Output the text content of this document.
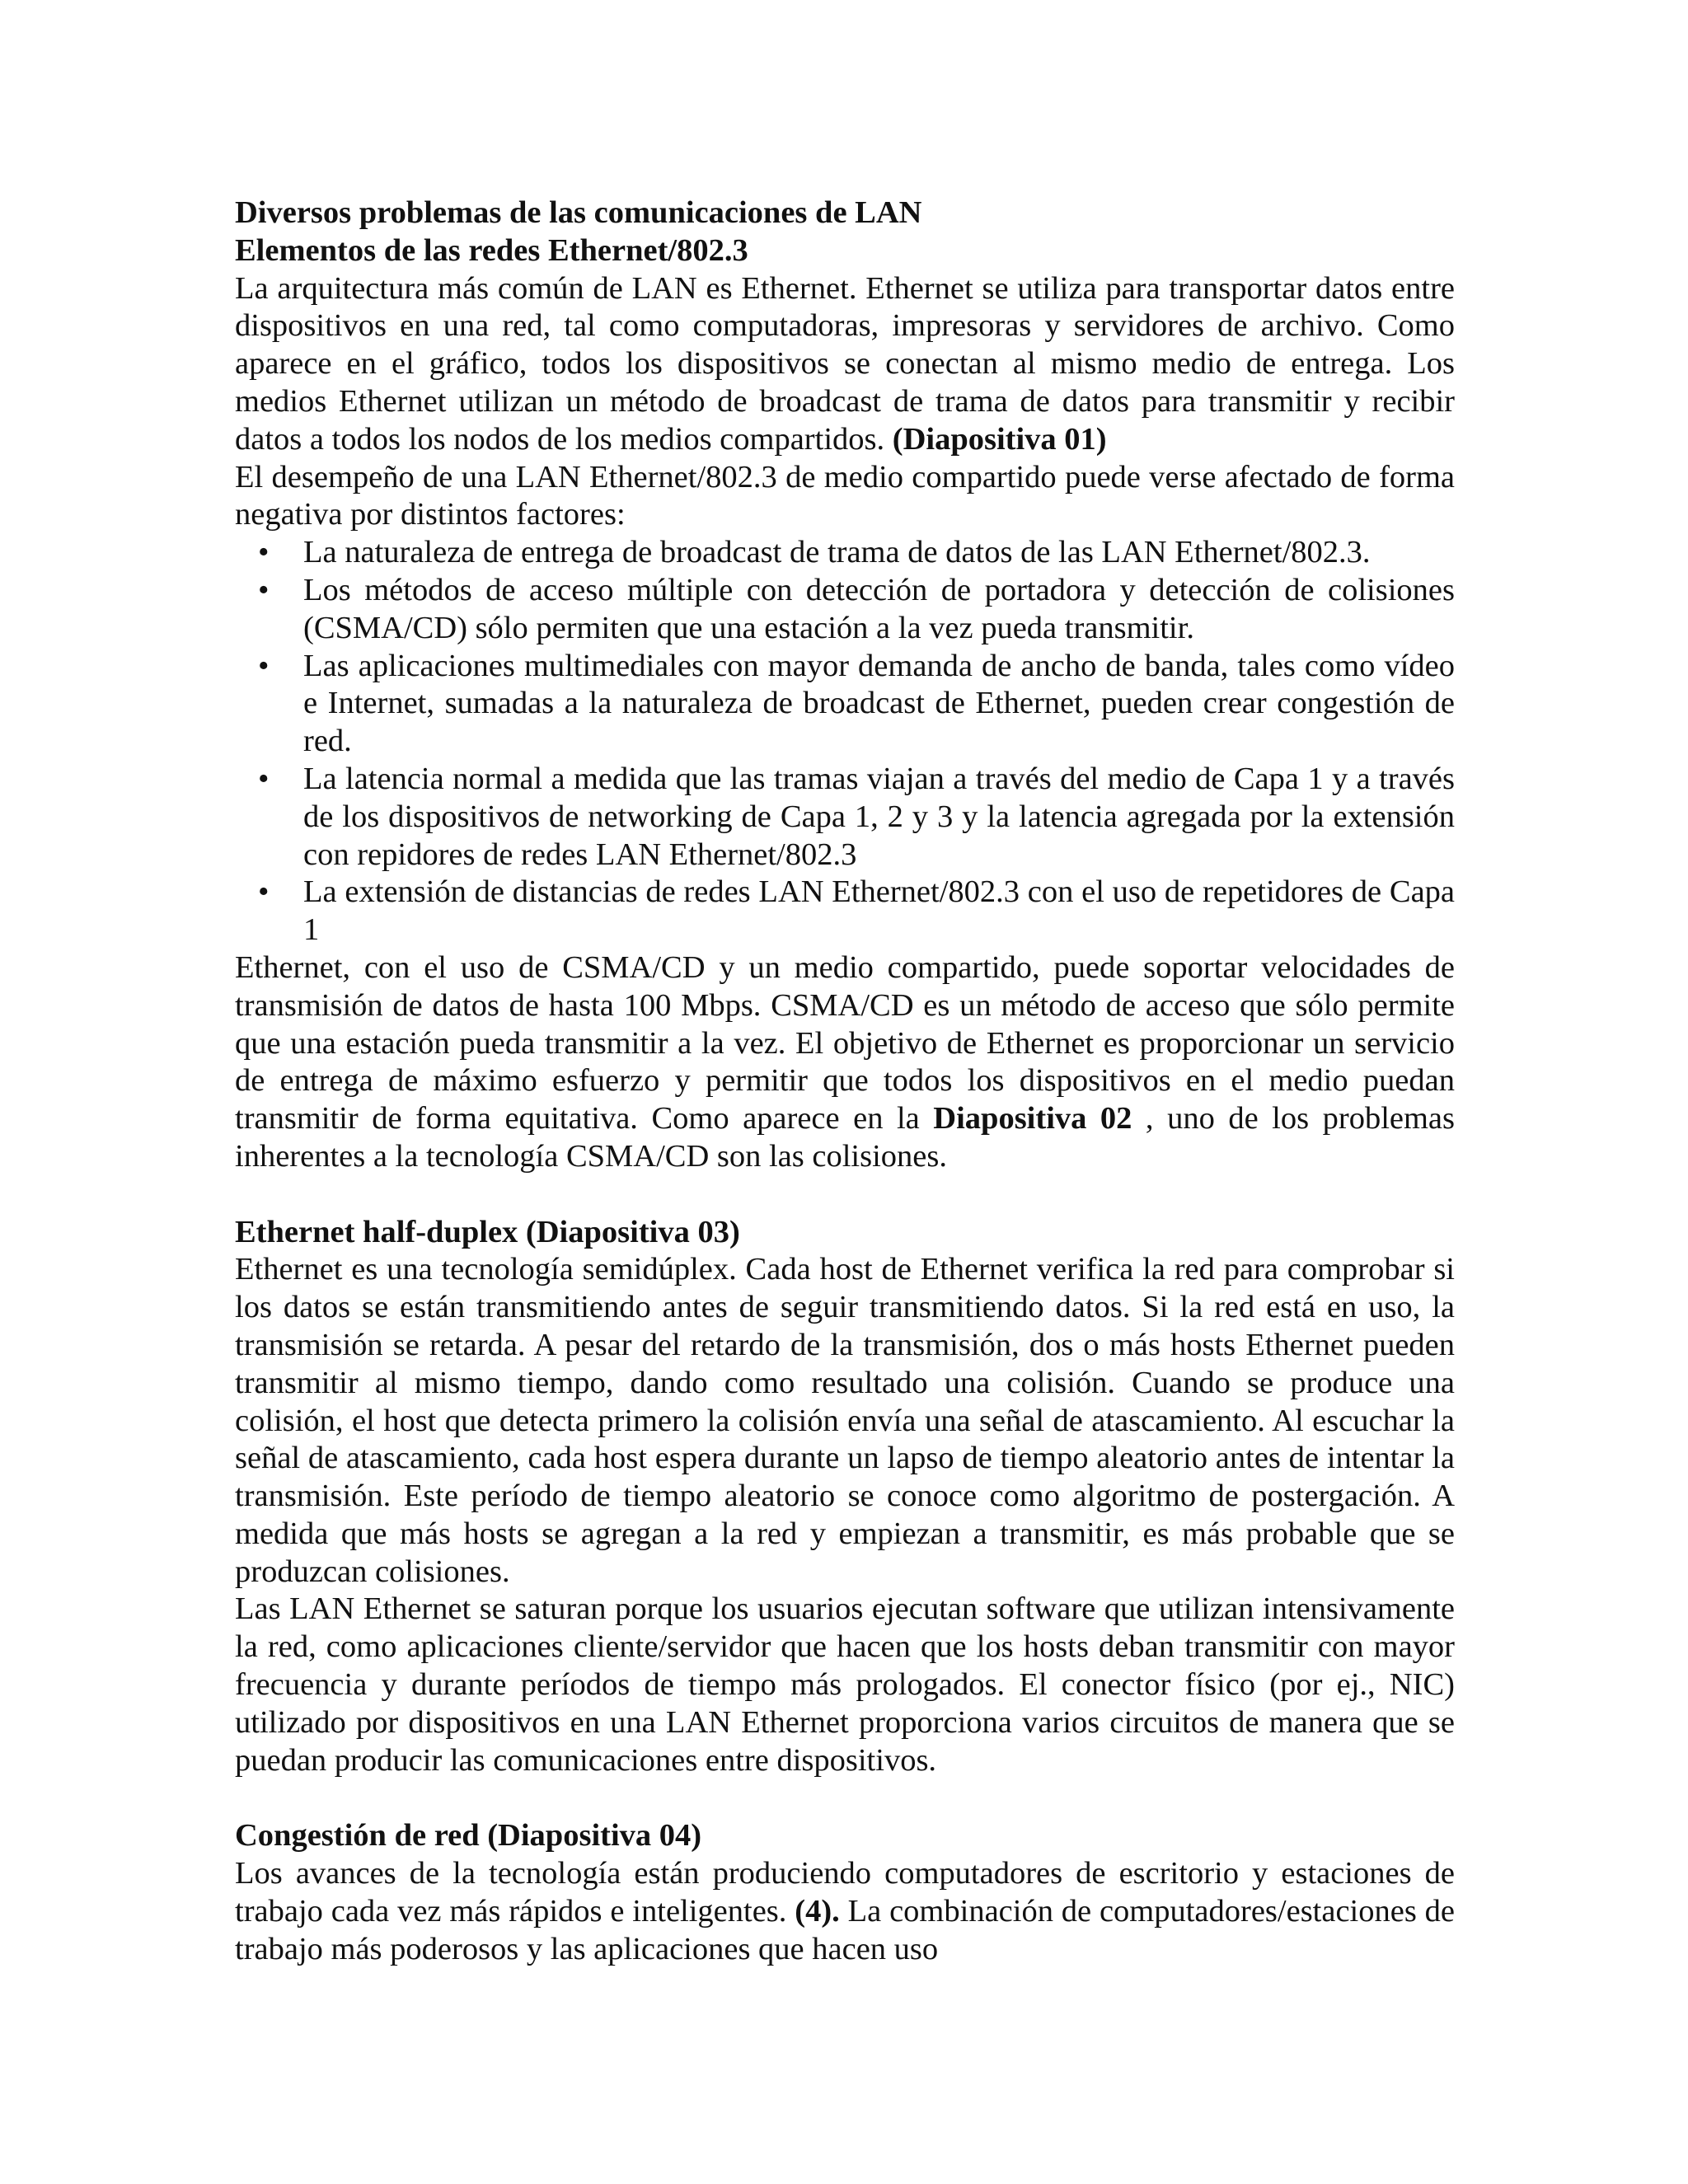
Diversos problemas de las comunicaciones de LAN

Elementos de las redes Ethernet/802.3

La arquitectura más común de LAN es Ethernet. Ethernet se utiliza para transportar datos entre dispositivos en una red, tal como computadoras, impresoras y servidores de archivo. Como aparece en el gráfico, todos los dispositivos se conectan al mismo medio de entrega. Los medios Ethernet utilizan un método de broadcast de trama de datos para transmitir y recibir datos a todos los nodos de los medios compartidos. (Diapositiva 01)

El desempeño de una LAN Ethernet/802.3 de medio compartido puede verse afectado de forma negativa por distintos factores:

• La naturaleza de entrega de broadcast de trama de datos de las LAN Ethernet/802.3.
• Los métodos de acceso múltiple con detección de portadora y detección de colisiones (CSMA/CD) sólo permiten que una estación a la vez pueda transmitir.
• Las aplicaciones multimediales con mayor demanda de ancho de banda, tales como vídeo e Internet, sumadas a la naturaleza de broadcast de Ethernet, pueden crear congestión de red.
• La latencia normal a medida que las tramas viajan a través del medio de Capa 1 y a través de los dispositivos de networking de Capa 1, 2 y 3 y la latencia agregada por la extensión con repidores de redes LAN Ethernet/802.3
• La extensión de distancias de redes LAN Ethernet/802.3 con el uso de repetidores de Capa 1

Ethernet, con el uso de CSMA/CD y un medio compartido, puede soportar velocidades de transmisión de datos de hasta 100 Mbps. CSMA/CD es un método de acceso que sólo permite que una estación pueda transmitir a la vez. El objetivo de Ethernet es proporcionar un servicio de entrega de máximo esfuerzo y permitir que todos los dispositivos en el medio puedan transmitir de forma equitativa. Como aparece en la Diapositiva 02 , uno de los problemas inherentes a la tecnología CSMA/CD son las colisiones.

Ethernet half-duplex (Diapositiva 03)

Ethernet es una tecnología semidúplex. Cada host de Ethernet verifica la red para comprobar si los datos se están transmitiendo antes de seguir transmitiendo datos. Si la red está en uso, la transmisión se retarda. A pesar del retardo de la transmisión, dos o más hosts Ethernet pueden transmitir al mismo tiempo, dando como resultado una colisión. Cuando se produce una colisión, el host que detecta primero la colisión envía una señal de atascamiento. Al escuchar la señal de atascamiento, cada host espera durante un lapso de tiempo aleatorio antes de intentar la transmisión. Este período de tiempo aleatorio se conoce como algoritmo de postergación. A medida que más hosts se agregan a la red y empiezan a transmitir, es más probable que se produzcan colisiones.

Las LAN Ethernet se saturan porque los usuarios ejecutan software que utilizan intensivamente la red, como aplicaciones cliente/servidor que hacen que los hosts deban transmitir con mayor frecuencia y durante períodos de tiempo más prologados. El conector físico (por ej., NIC) utilizado por dispositivos en una LAN Ethernet proporciona varios circuitos de manera que se puedan producir las comunicaciones entre dispositivos.

Congestión de red (Diapositiva 04)

Los avances de la tecnología están produciendo computadores de escritorio y estaciones de trabajo cada vez más rápidos e inteligentes. (4). La combinación de computadores/estaciones de trabajo más poderosos y las aplicaciones que hacen uso
